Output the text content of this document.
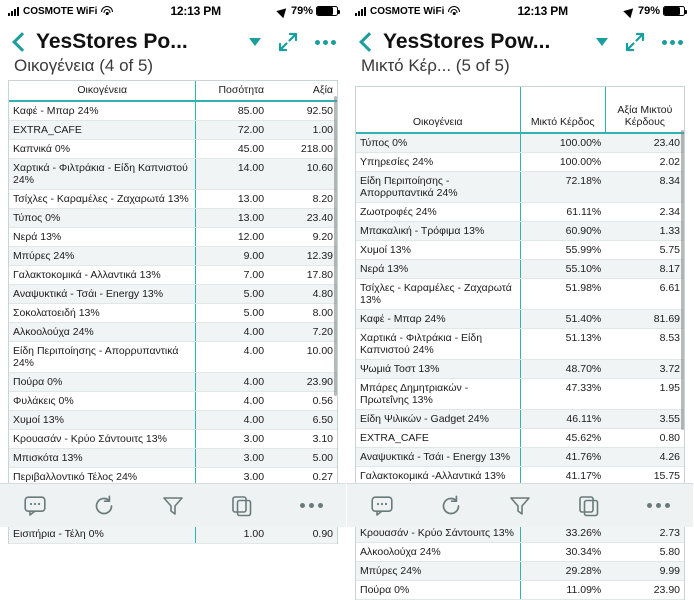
COSMOTE WiFi	12:13 PM	79%
YesStores Po...
Οικογένεια (4 of 5)
Οικογένεια	Ποσότητα	Αξία
Καφέ - Μπαρ 24%	85.00	92.50
EXTRA_CAFE	72.00	1.00
Καπνικά 0%	45.00	218.00
Χαρτικά - Φιλτράκια - Είδη Καπνιστού 24%	14.00	10.60
Τσίχλες - Καραμέλες - Ζαχαρωτά 13%	13.00	8.20
Τύπος 0%	13.00	23.40
Νερά 13%	12.00	9.20
Μπύρες 24%	9.00	12.39
Γαλακτοκομικά - Αλλαντικά 13%	7.00	17.80
Αναψυκτικά - Τσάι - Energy 13%	5.00	4.80
Σοκολατοειδή 13%	5.00	8.00
Αλκοολούχα 24%	4.00	7.20
Είδη Περιποίησης - Απορρυπαντικά 24%	4.00	10.00
Πούρα 0%	4.00	23.90
Φυλάκεις 0%	4.00	0.56
Χυμοί 13%	4.00	6.50
Κρουασάν - Κρύο Σάντουιτς 13%	3.00	3.10
Μπισκότα 13%	3.00	5.00
Περιβαλλοντικό Τέλος 24%	3.00	0.27

Εισιτήρια - Τέλη 0%	1.00	0.90
COSMOTE WiFi	12:13 PM	79%
YesStores Pow...
Μικτό Κέρ... (5 of 5)
Οικογένεια	Μικτό Κέρδος	Αξία Μικτού Κέρδους
Τύπος 0%	100.00%	23.40
Υπηρεσίες 24%	100.00%	2.02
Είδη Περιποίησης - Απορρυπαντικά 24%	72.18%	8.34
Ζωοτροφές 24%	61.11%	2.34
Μπακαλική - Τρόφιμα 13%	60.90%	1.33
Χυμοί 13%	55.99%	5.75
Νερά 13%	55.10%	8.17
Τσίχλες - Καραμέλες - Ζαχαρωτά 13%	51.98%	6.61
Καφέ - Μπαρ 24%	51.40%	81.69
Χαρτικά - Φιλτράκια - Είδη Καπνιστού 24%	51.13%	8.53
Ψωμιά Τοστ 13%	48.70%	3.72
Μπάρες Δημητριακών - Πρωτεΐνης 13%	47.33%	1.95
Είδη Ψιλικών - Gadget 24%	46.11%	3.55
EXTRA_CAFE	45.62%	0.80
Αναψυκτικά - Τσάι - Energy 13%	41.76%	4.26
Γαλακτοκομικά -Αλλαντικά 13%	41.17%	15.75

Κρουασάν - Κρύο Σάντουιτς 13%	33.26%	2.73
Αλκοολούχα 24%	30.34%	5.80
Μπύρες 24%	29.28%	9.99
Πούρα 0%	11.09%	23.90
